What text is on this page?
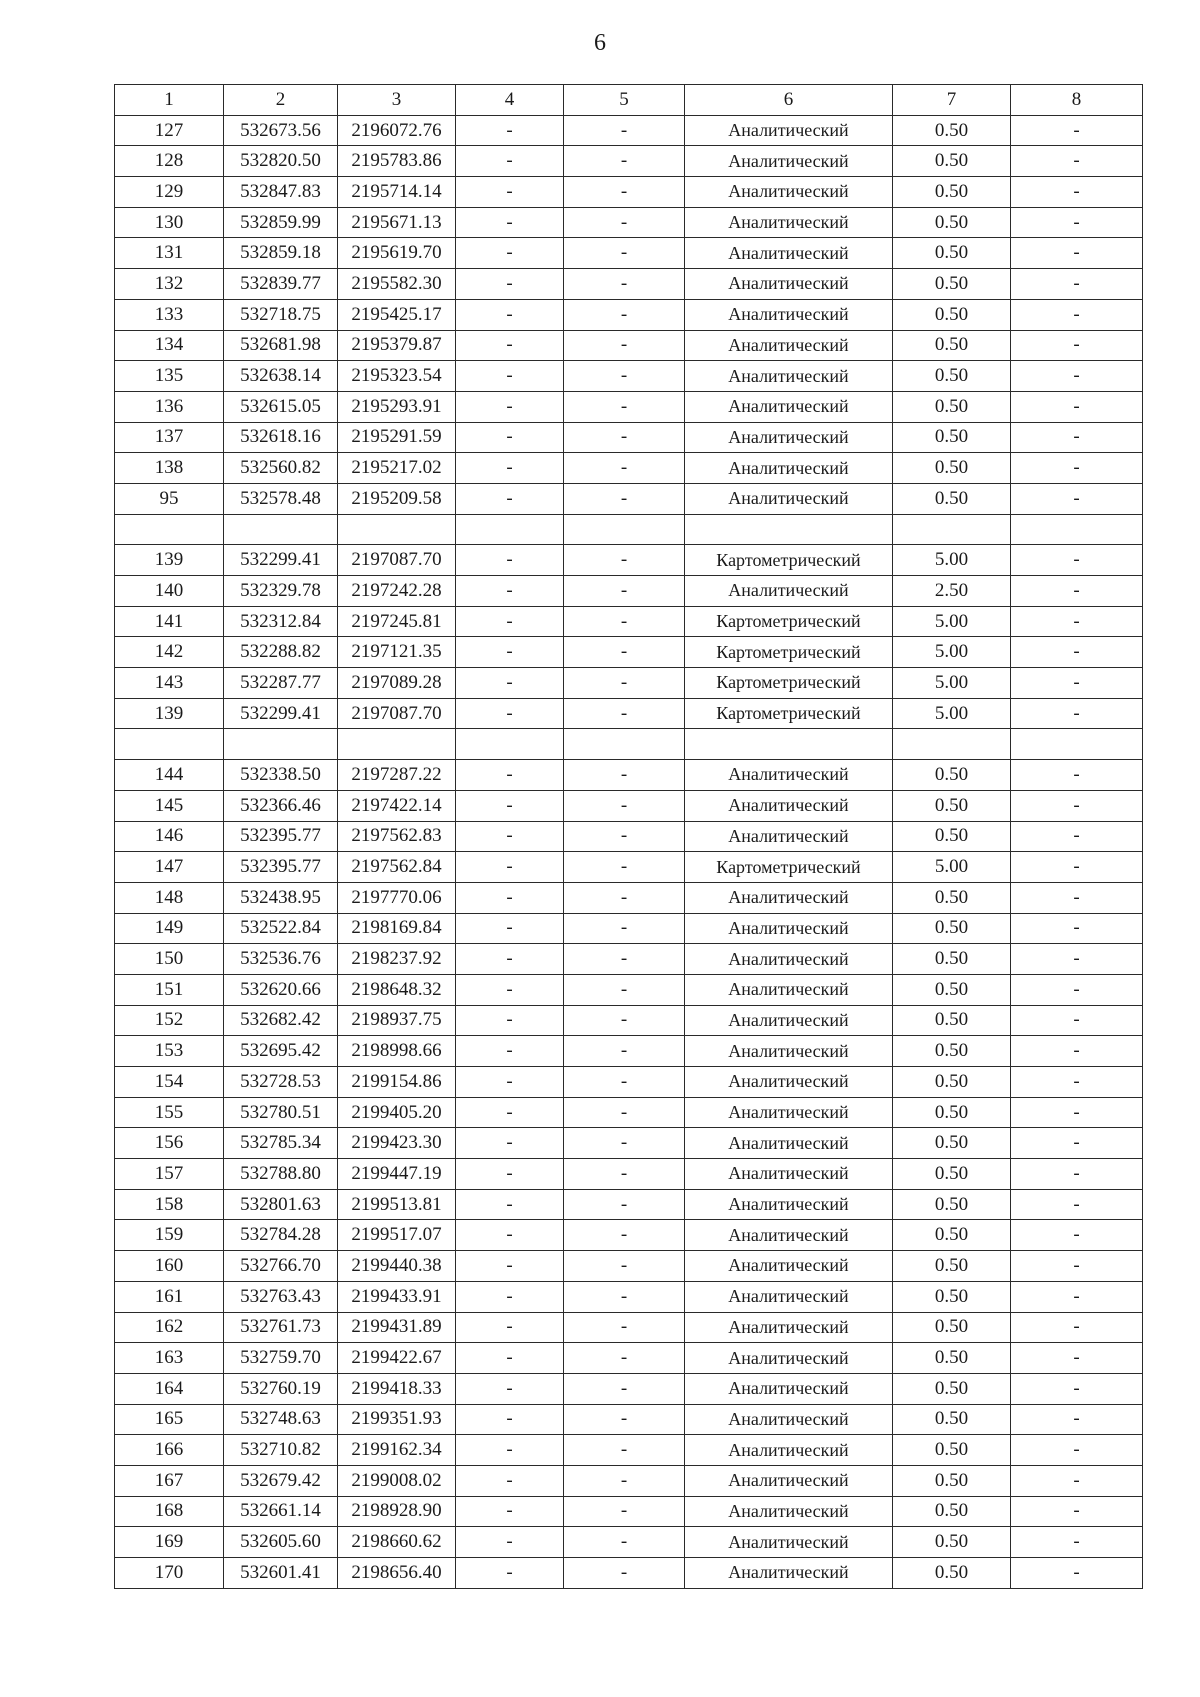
6
1	2	3	4	5	6	7	8
127	532673.56	2196072.76	-	-	Аналитический	0.50	-
128	532820.50	2195783.86	-	-	Аналитический	0.50	-
129	532847.83	2195714.14	-	-	Аналитический	0.50	-
130	532859.99	2195671.13	-	-	Аналитический	0.50	-
131	532859.18	2195619.70	-	-	Аналитический	0.50	-
132	532839.77	2195582.30	-	-	Аналитический	0.50	-
133	532718.75	2195425.17	-	-	Аналитический	0.50	-
134	532681.98	2195379.87	-	-	Аналитический	0.50	-
135	532638.14	2195323.54	-	-	Аналитический	0.50	-
136	532615.05	2195293.91	-	-	Аналитический	0.50	-
137	532618.16	2195291.59	-	-	Аналитический	0.50	-
138	532560.82	2195217.02	-	-	Аналитический	0.50	-
95	532578.48	2195209.58	-	-	Аналитический	0.50	-

139	532299.41	2197087.70	-	-	Картометрический	5.00	-
140	532329.78	2197242.28	-	-	Аналитический	2.50	-
141	532312.84	2197245.81	-	-	Картометрический	5.00	-
142	532288.82	2197121.35	-	-	Картометрический	5.00	-
143	532287.77	2197089.28	-	-	Картометрический	5.00	-
139	532299.41	2197087.70	-	-	Картометрический	5.00	-

144	532338.50	2197287.22	-	-	Аналитический	0.50	-
145	532366.46	2197422.14	-	-	Аналитический	0.50	-
146	532395.77	2197562.83	-	-	Аналитический	0.50	-
147	532395.77	2197562.84	-	-	Картометрический	5.00	-
148	532438.95	2197770.06	-	-	Аналитический	0.50	-
149	532522.84	2198169.84	-	-	Аналитический	0.50	-
150	532536.76	2198237.92	-	-	Аналитический	0.50	-
151	532620.66	2198648.32	-	-	Аналитический	0.50	-
152	532682.42	2198937.75	-	-	Аналитический	0.50	-
153	532695.42	2198998.66	-	-	Аналитический	0.50	-
154	532728.53	2199154.86	-	-	Аналитический	0.50	-
155	532780.51	2199405.20	-	-	Аналитический	0.50	-
156	532785.34	2199423.30	-	-	Аналитический	0.50	-
157	532788.80	2199447.19	-	-	Аналитический	0.50	-
158	532801.63	2199513.81	-	-	Аналитический	0.50	-
159	532784.28	2199517.07	-	-	Аналитический	0.50	-
160	532766.70	2199440.38	-	-	Аналитический	0.50	-
161	532763.43	2199433.91	-	-	Аналитический	0.50	-
162	532761.73	2199431.89	-	-	Аналитический	0.50	-
163	532759.70	2199422.67	-	-	Аналитический	0.50	-
164	532760.19	2199418.33	-	-	Аналитический	0.50	-
165	532748.63	2199351.93	-	-	Аналитический	0.50	-
166	532710.82	2199162.34	-	-	Аналитический	0.50	-
167	532679.42	2199008.02	-	-	Аналитический	0.50	-
168	532661.14	2198928.90	-	-	Аналитический	0.50	-
169	532605.60	2198660.62	-	-	Аналитический	0.50	-
170	532601.41	2198656.40	-	-	Аналитический	0.50	-
